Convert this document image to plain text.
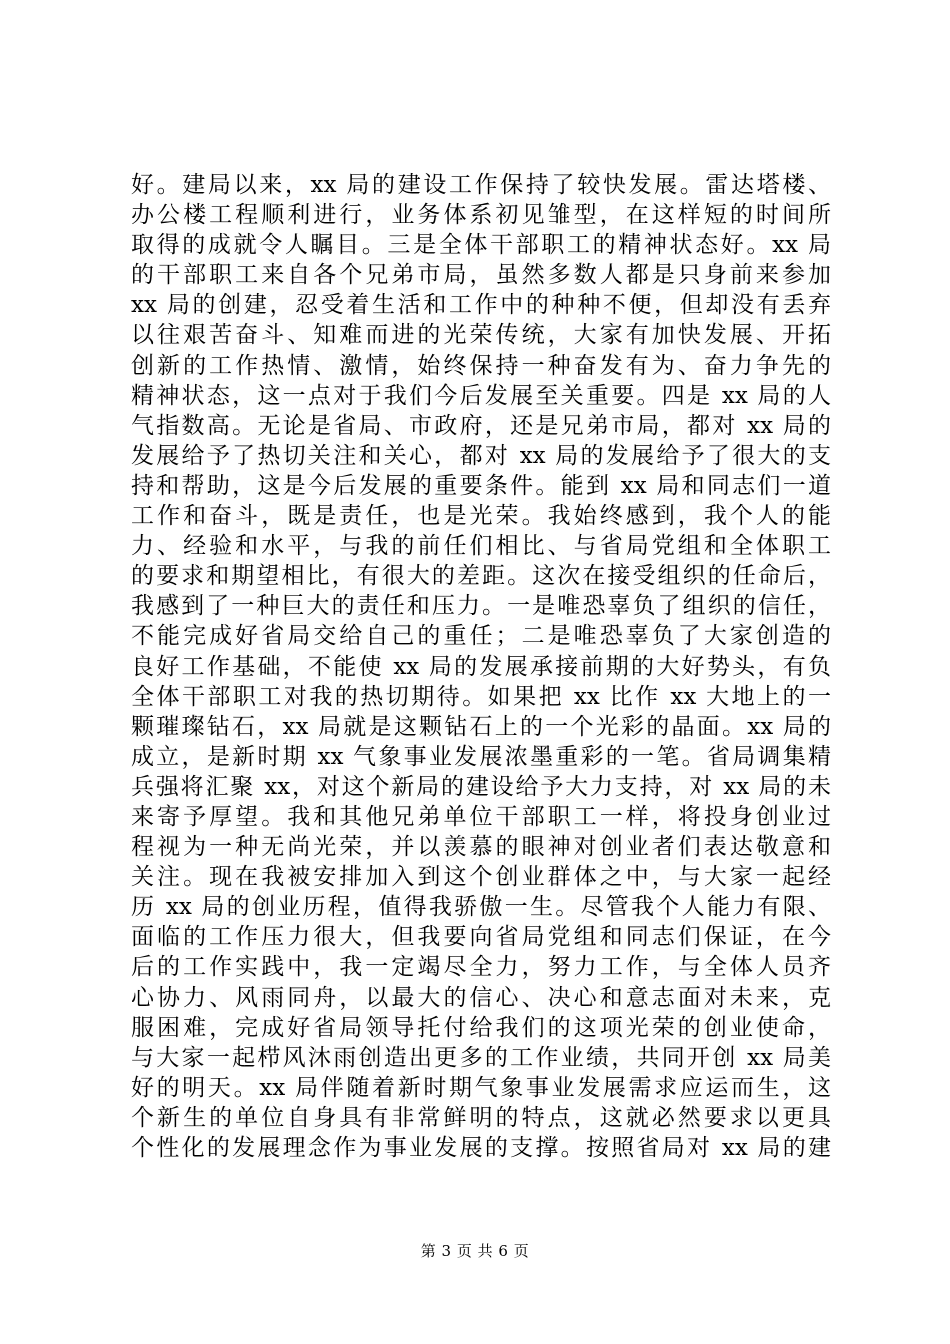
好。建局以来，xx 局的建设工作保持了较快发展。雷达塔楼、
办公楼工程顺利进行，业务体系初见雏型，在这样短的时间所
取得的成就令人瞩目。三是全体干部职工的精神状态好。xx 局
的干部职工来自各个兄弟市局，虽然多数人都是只身前来参加
xx 局的创建，忍受着生活和工作中的种种不便，但却没有丢弃
以往艰苦奋斗、知难而进的光荣传统，大家有加快发展、开拓
创新的工作热情、激情，始终保持一种奋发有为、奋力争先的
精神状态，这一点对于我们今后发展至关重要。四是 xx 局的人
气指数高。无论是省局、市政府，还是兄弟市局，都对 xx 局的
发展给予了热切关注和关心，都对 xx 局的发展给予了很大的支
持和帮助，这是今后发展的重要条件。能到 xx 局和同志们一道
工作和奋斗，既是责任，也是光荣。我始终感到，我个人的能
力、经验和水平，与我的前任们相比、与省局党组和全体职工
的要求和期望相比，有很大的差距。这次在接受组织的任命后，
我感到了一种巨大的责任和压力。一是唯恐辜负了组织的信任，
不能完成好省局交给自己的重任；二是唯恐辜负了大家创造的
良好工作基础，不能使 xx 局的发展承接前期的大好势头，有负
全体干部职工对我的热切期待。如果把 xx 比作 xx 大地上的一
颗璀璨钻石，xx 局就是这颗钻石上的一个光彩的晶面。xx 局的
成立，是新时期 xx 气象事业发展浓墨重彩的一笔。省局调集精
兵强将汇聚 xx，对这个新局的建设给予大力支持，对 xx 局的未
来寄予厚望。我和其他兄弟单位干部职工一样，将投身创业过
程视为一种无尚光荣，并以羡慕的眼神对创业者们表达敬意和
关注。现在我被安排加入到这个创业群体之中，与大家一起经
历 xx 局的创业历程，值得我骄傲一生。尽管我个人能力有限、
面临的工作压力很大，但我要向省局党组和同志们保证，在今
后的工作实践中，我一定竭尽全力，努力工作，与全体人员齐
心协力、风雨同舟，以最大的信心、决心和意志面对未来，克
服困难，完成好省局领导托付给我们的这项光荣的创业使命，
与大家一起栉风沐雨创造出更多的工作业绩，共同开创 xx 局美
好的明天。xx 局伴随着新时期气象事业发展需求应运而生，这
个新生的单位自身具有非常鲜明的特点，这就必然要求以更具
个性化的发展理念作为事业发展的支撑。按照省局对 xx 局的建
第 3 页 共 6 页
